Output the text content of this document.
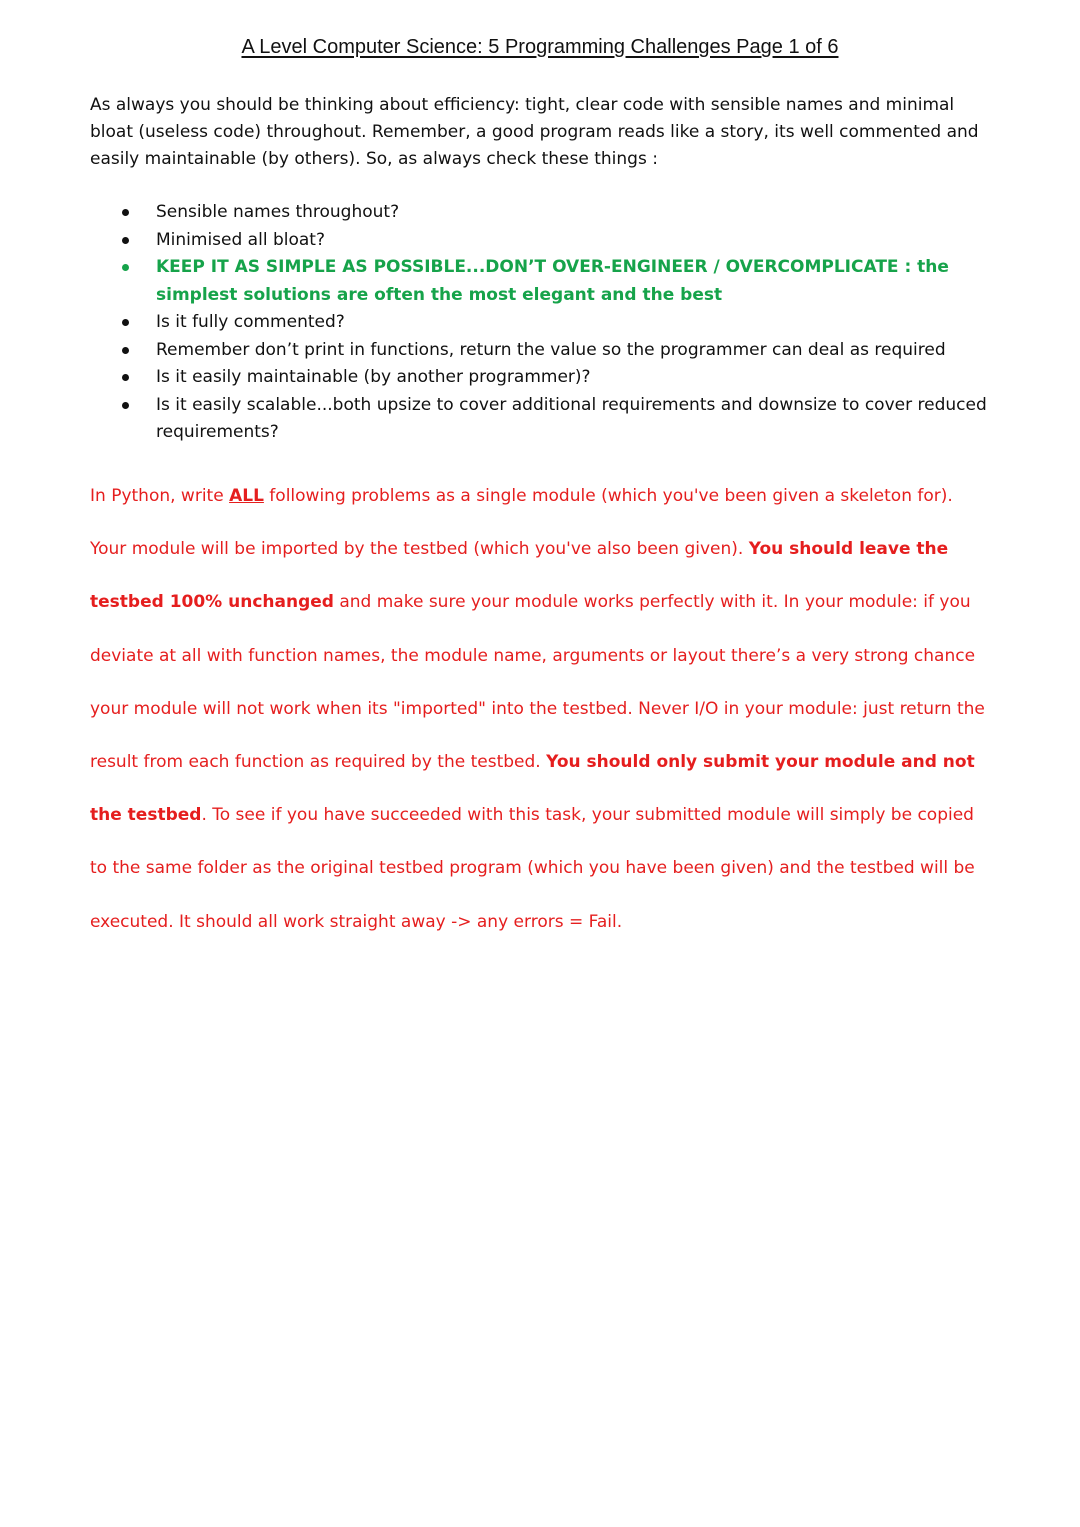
A Level Computer Science: 5 Programming Challenges Page 1 of 6

As always you should be thinking about efficiency: tight, clear code with sensible names and minimal bloat (useless code) throughout. Remember, a good program reads like a story, its well commented and easily maintainable (by others). So, as always check these things :

Sensible names throughout?
Minimised all bloat?
KEEP IT AS SIMPLE AS POSSIBLE...DON’T OVER-ENGINEER / OVERCOMPLICATE : the simplest solutions are often the most elegant and the best
Is it fully commented?
Remember don’t print in functions, return the value so the programmer can deal as required
Is it easily maintainable (by another programmer)?
Is it easily scalable...both upsize to cover additional requirements and downsize to cover reduced requirements?
In Python, write ALL following problems as a single module (which you've been given a skeleton for).
Your module will be imported by the testbed (which you've also been given). You should leave the testbed 100% unchanged and make sure your module works perfectly with it. In your module: if you deviate at all with function names, the module name, arguments or layout there’s a very strong chance your module will not work when its "imported" into the testbed. Never I/O in your module: just return the result from each function as required by the testbed. You should only submit your module and not the testbed. To see if you have succeeded with this task, your submitted module will simply be copied to the same folder as the original testbed program (which you have been given) and the testbed will be executed. It should all work straight away -> any errors = Fail.
